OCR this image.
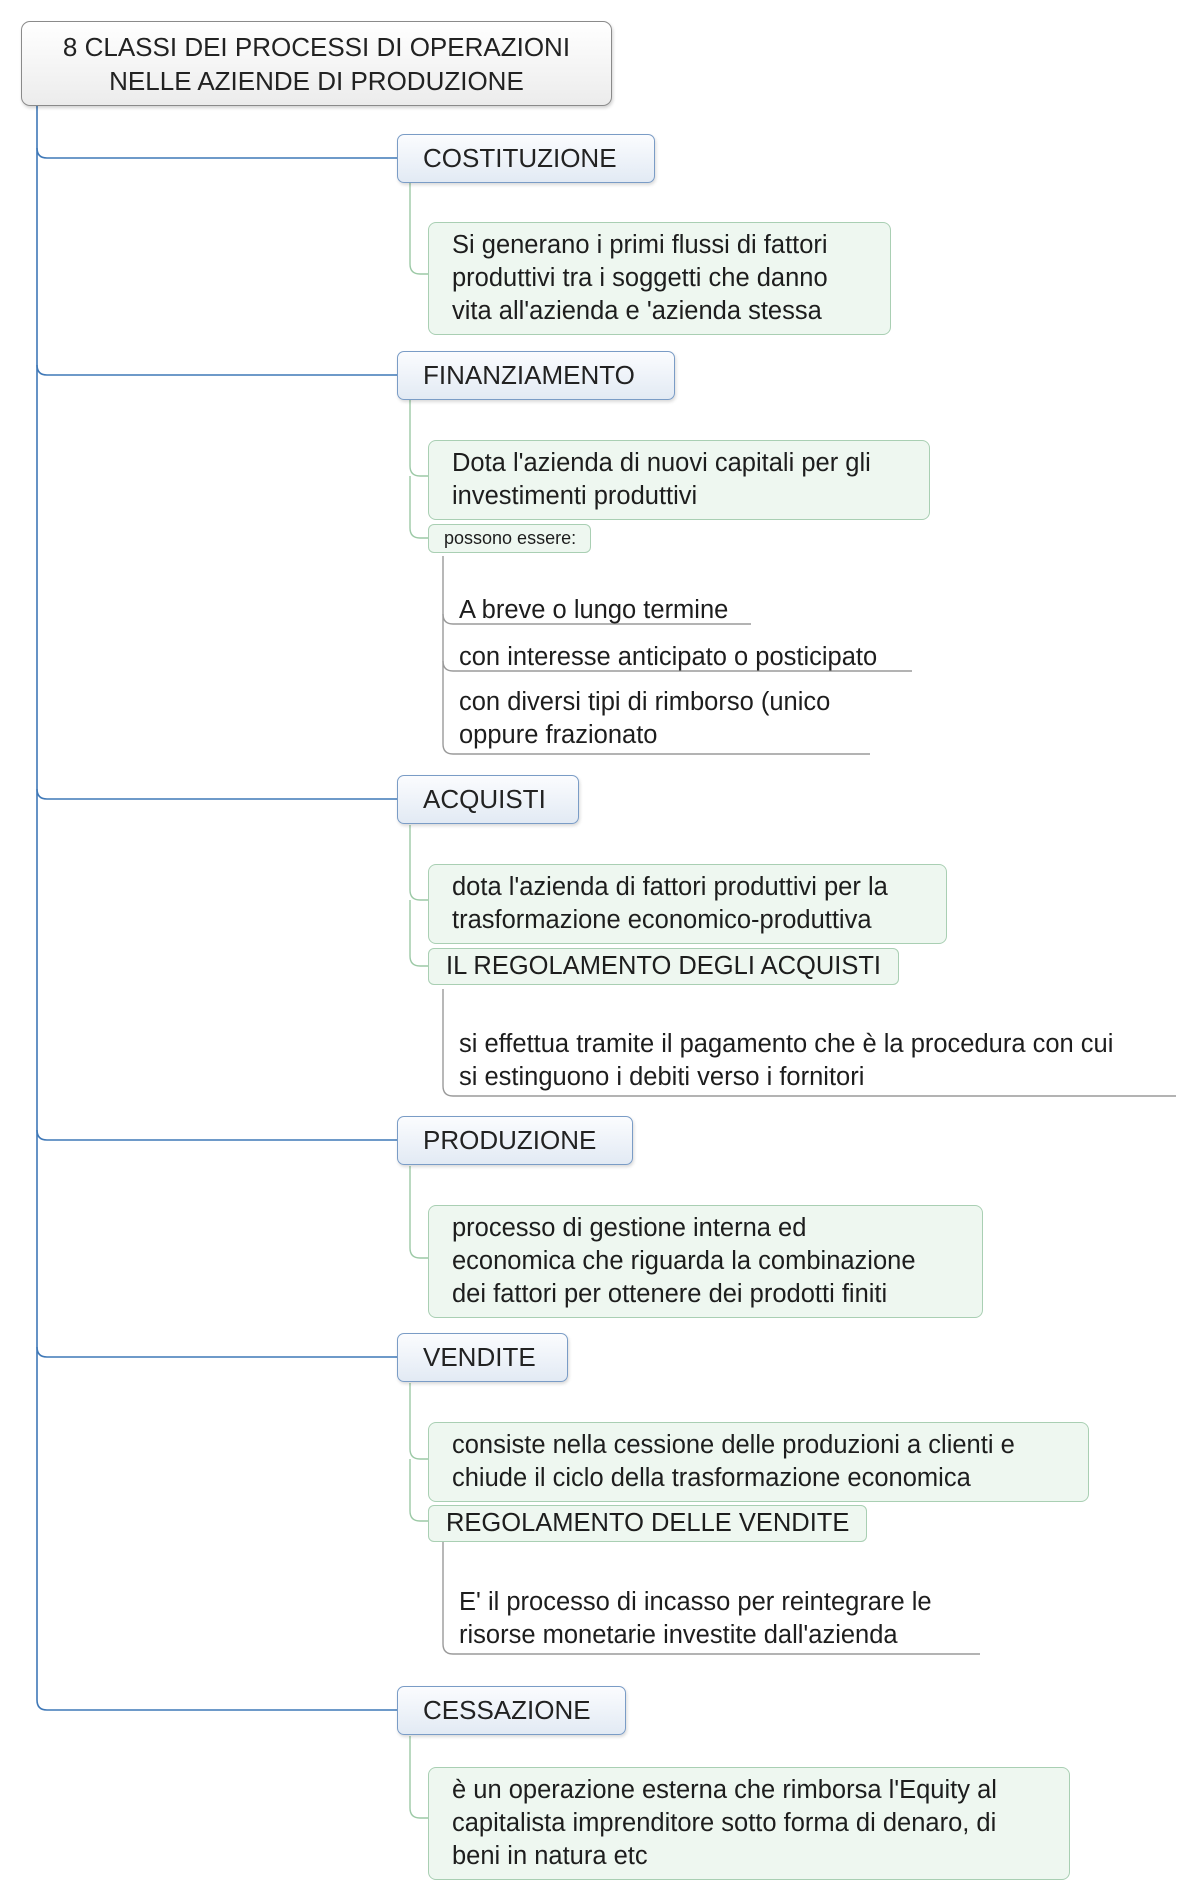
8 CLASSI DEI PROCESSI DI OPERAZIONI
NELLE AZIENDE DI PRODUZIONE
COSTITUZIONE
Si generano i primi flussi di fattori
produttivi tra i soggetti che danno
vita all'azienda e 'azienda stessa
FINANZIAMENTO
Dota l'azienda di nuovi capitali per gli
investimenti produttivi
possono essere:
A breve o lungo termine
con interesse anticipato o posticipato
con diversi tipi di rimborso (unico
oppure frazionato
ACQUISTI
dota l'azienda di fattori produttivi per la
trasformazione economico-produttiva
IL REGOLAMENTO DEGLI ACQUISTI
si effettua tramite il pagamento che è la procedura con cui
si estinguono i debiti verso i fornitori
PRODUZIONE
processo di gestione interna ed
economica che riguarda la combinazione
dei fattori per ottenere dei prodotti finiti
VENDITE
consiste nella cessione delle produzioni a clienti e
chiude il ciclo della trasformazione economica
REGOLAMENTO DELLE VENDITE
E' il processo di incasso per reintegrare le
risorse monetarie investite dall'azienda
CESSAZIONE
è un operazione esterna che rimborsa l'Equity al
capitalista imprenditore sotto forma di denaro, di
beni in natura etc
